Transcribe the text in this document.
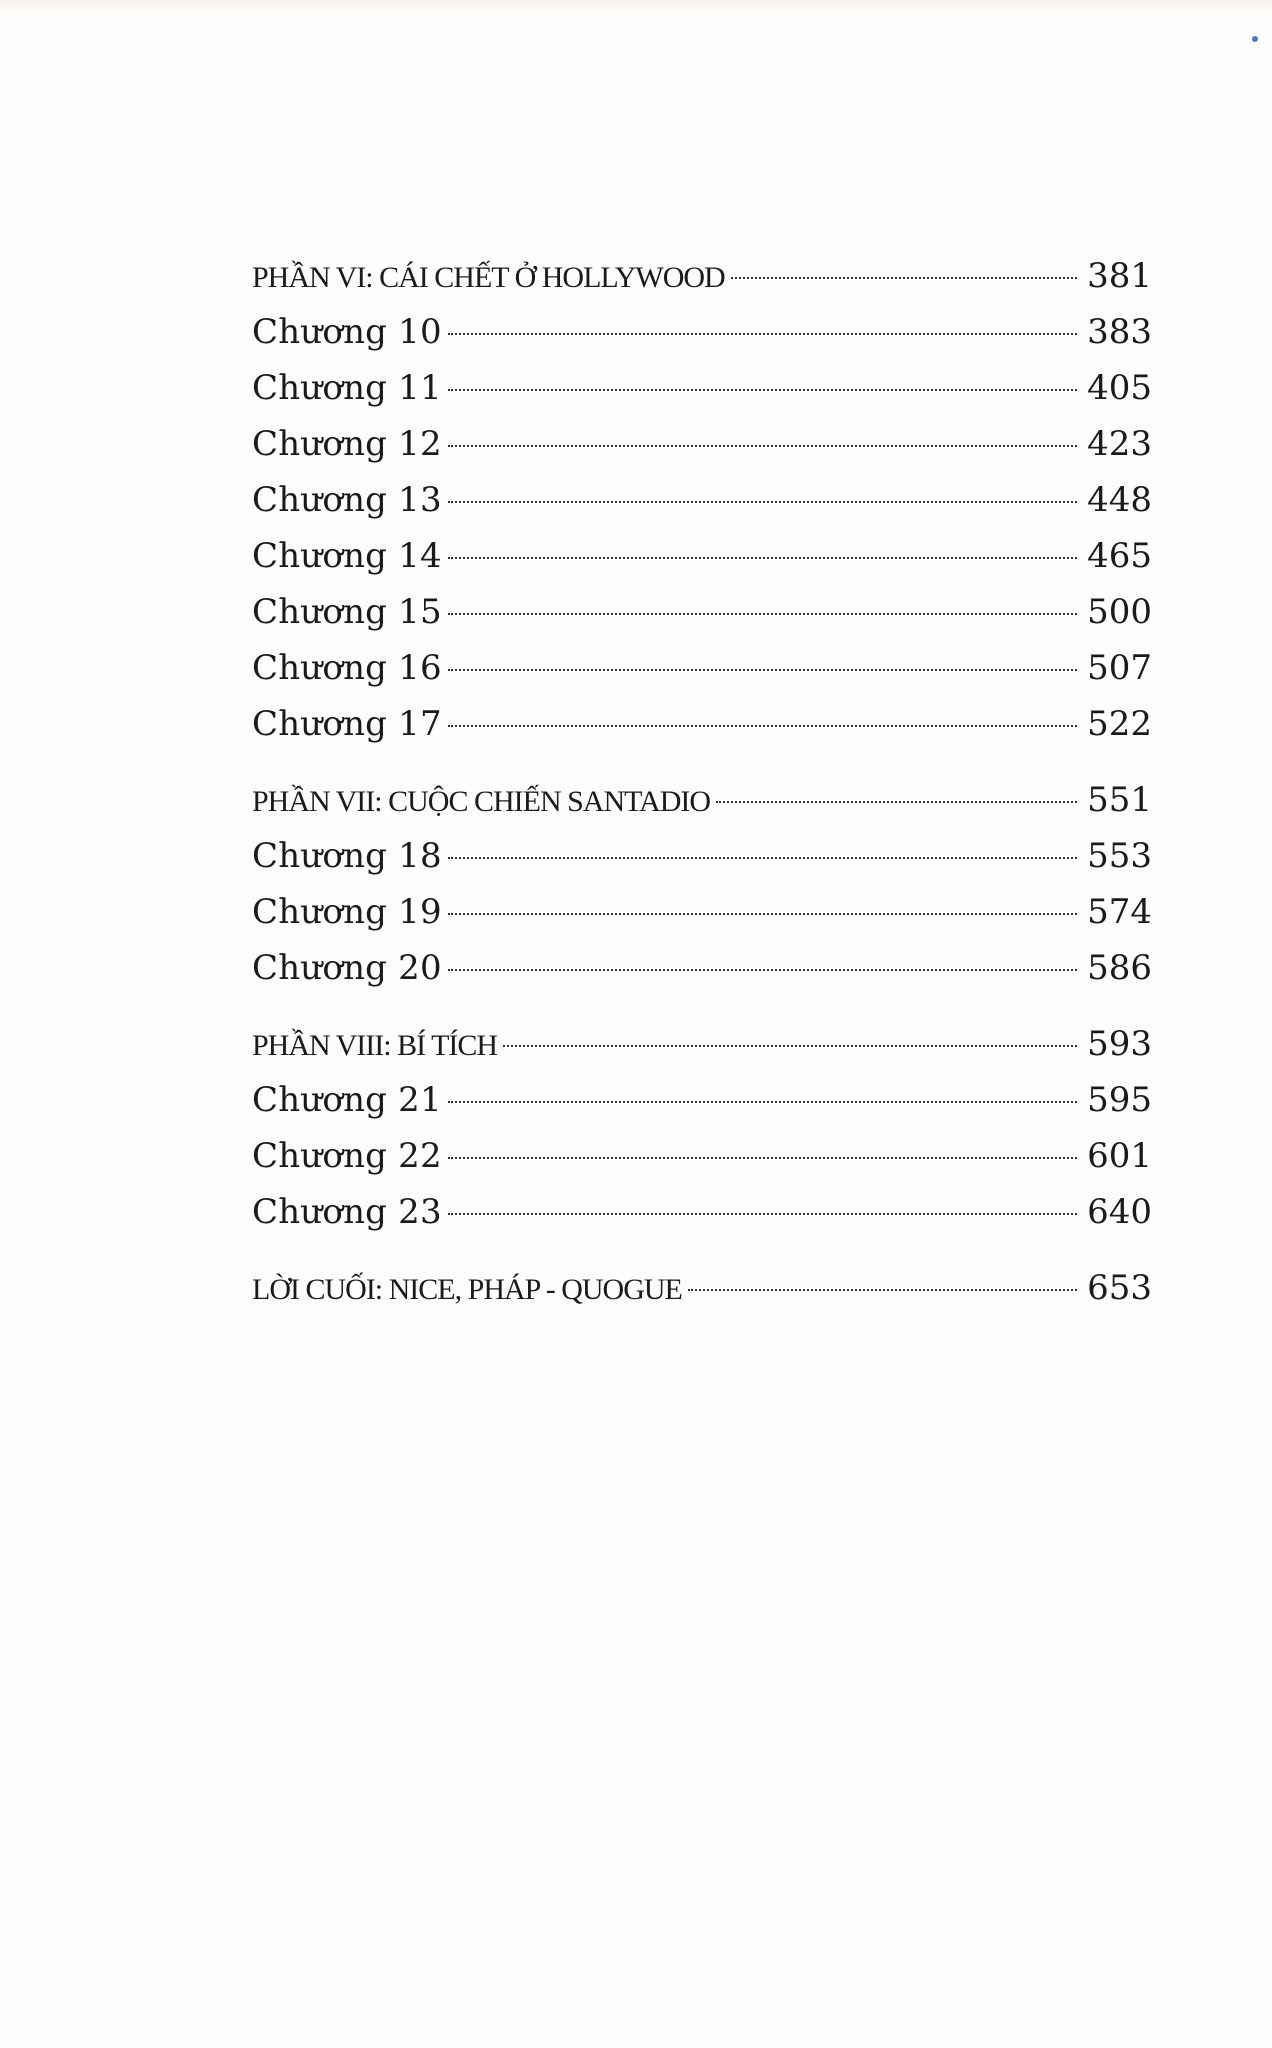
PHẦN VI: CÁI CHẾT Ở HOLLYWOOD	381
Chương 10	383
Chương 11	405
Chương 12	423
Chương 13	448
Chương 14	465
Chương 15	500
Chương 16	507
Chương 17	522
PHẦN VII: CUỘC CHIẾN SANTADIO	551
Chương 18	553
Chương 19	574
Chương 20	586
PHẦN VIII: BÍ TÍCH	593
Chương 21	595
Chương 22	601
Chương 23	640
LỜI CUỐI: NICE, PHÁP - QUOGUE	653
